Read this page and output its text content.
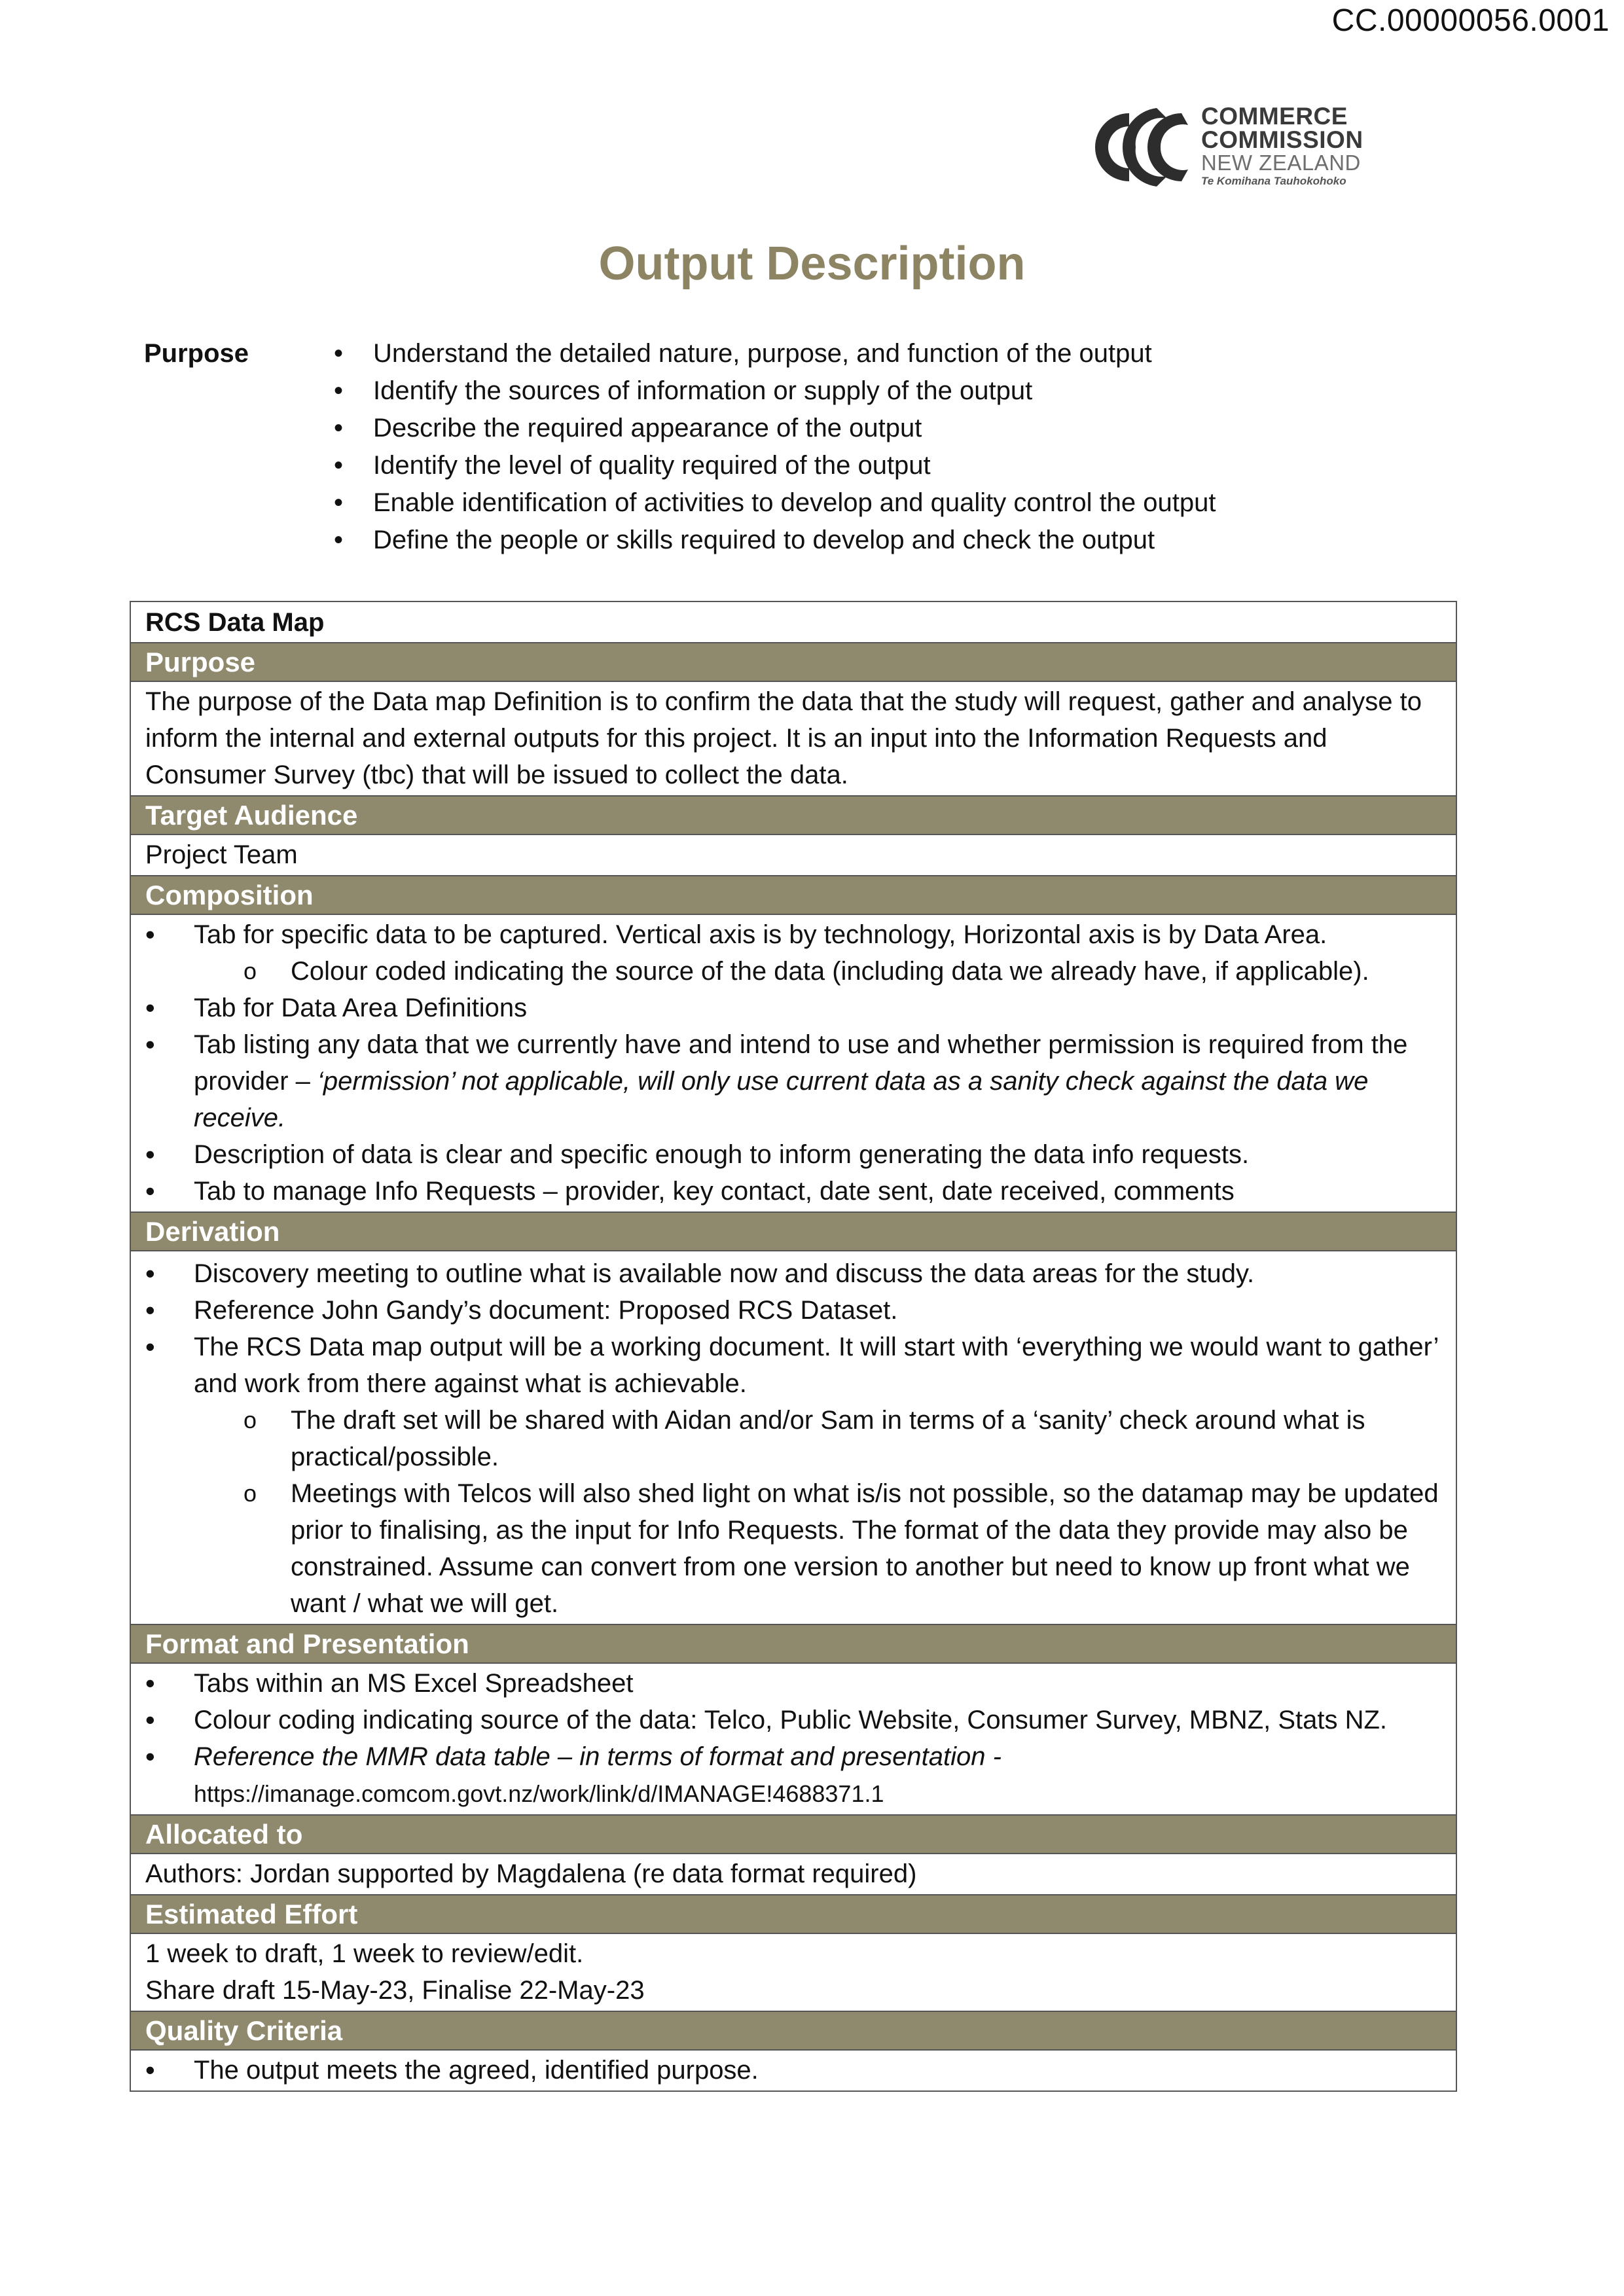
CC.00000056.0001
COMMERCE
COMMISSION
NEW ZEALAND
Te Komihana Tauhokohoko
Output Description
Purpose	• Understand the detailed nature, purpose, and function of the output
• Identify the sources of information or supply of the output
• Describe the required appearance of the output
• Identify the level of quality required of the output
• Enable identification of activities to develop and quality control the output
• Define the people or skills required to develop and check the output
RCS Data Map
Purpose

The purpose of the Data map Definition is to confirm the data that the study will request, gather and analyse to inform the internal and external outputs for this project. It is an input into the Information Requests and Consumer Survey (tbc) that will be issued to collect the data.

Target Audience

Project Team

Composition
• Tab for specific data to be captured. Vertical axis is by technology, Horizontal axis is by Data Area.
o Colour coded indicating the source of the data (including data we already have, if applicable).
• Tab for Data Area Definitions
• Tab listing any data that we currently have and intend to use and whether permission is required from the provider – ‘permission’ not applicable, will only use current data as a sanity check against the data we receive.
• Description of data is clear and specific enough to inform generating the data info requests.
• Tab to manage Info Requests – provider, key contact, date sent, date received, comments
Derivation
• Discovery meeting to outline what is available now and discuss the data areas for the study.
• Reference John Gandy’s document: Proposed RCS Dataset.
• The RCS Data map output will be a working document. It will start with ‘everything we would want to gather’ and work from there against what is achievable.
o The draft set will be shared with Aidan and/or Sam in terms of a ‘sanity’ check around what is practical/possible.
o Meetings with Telcos will also shed light on what is/is not possible, so the datamap may be updated prior to finalising, as the input for Info Requests. The format of the data they provide may also be constrained. Assume can convert from one version to another but need to know up front what we want / what we will get.
Format and Presentation
• Tabs within an MS Excel Spreadsheet
• Colour coding indicating source of the data: Telco, Public Website, Consumer Survey, MBNZ, Stats NZ.
• Reference the MMR data table – in terms of format and presentation -
https://imanage.comcom.govt.nz/work/link/d/IMANAGE!4688371.1
Allocated to

Authors: Jordan supported by Magdalena (re data format required)

Estimated Effort

1 week to draft, 1 week to review/edit.

Share draft 15-May-23, Finalise 22-May-23

Quality Criteria
• The output meets the agreed, identified purpose.
